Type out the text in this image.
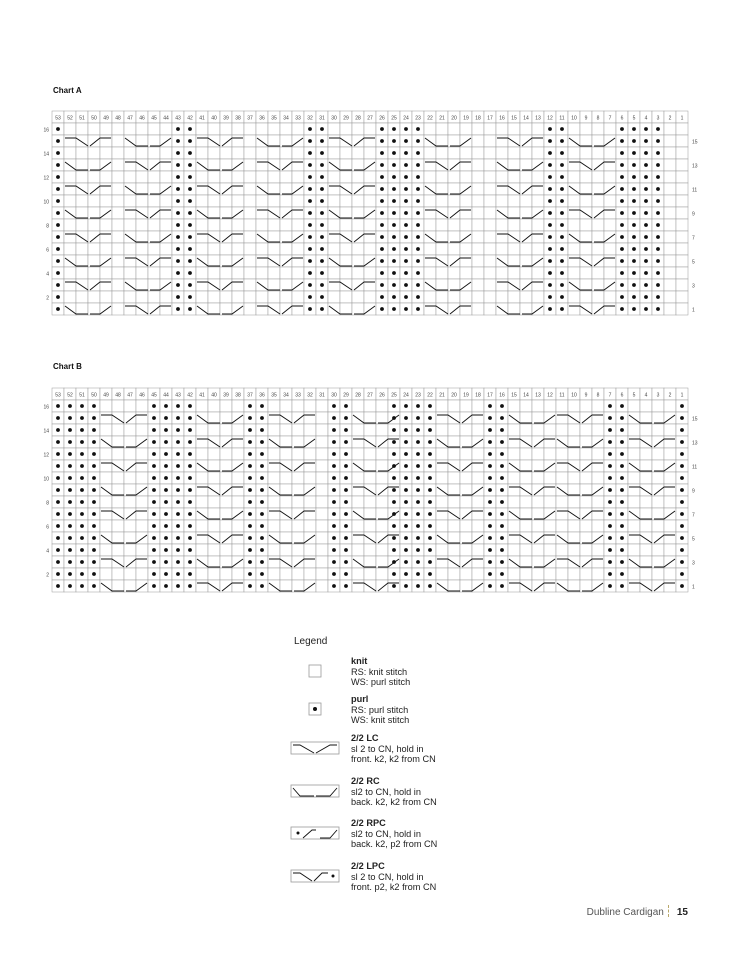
Chart A
53 52 51 50 49 48 47 46 45 44 43 42 41 40 39 38 37 36 35 34 33 32 31 30 29 28 27 26 25 24 23 22 21 20 19 18 17 16 15 14 13 12 11 10 9 8 7 6 5 4 3 2 1
16
15
14
13
12
11
10
9
8
7
6
5
4
3
2
1
Chart B
53 52 51 50 49 48 47 46 45 44 43 42 41 40 39 38 37 36 35 34 33 32 31 30 29 28 27 26 25 24 23 22 21 20 19 18 17 16 15 14 13 12 11 10 9 8 7 6 5 4 3 2 1
16
15
14
13
12
11
10
9
8
7
6
5
4
3
2
1
Legend
knit
RS: knit stitch
WS: purl stitch
purl
RS: purl stitch
WS: knit stitch
2/2 LC
sl 2 to CN, hold in
front. k2, k2 from CN
2/2 RC
sl2 to CN, hold in
back. k2, k2 from CN
2/2 RPC
sl2 to CN, hold in
back. k2, p2 from CN
2/2 LPC
sl 2 to CN, hold in
front. p2, k2 from CN
Dubline Cardigan 15
